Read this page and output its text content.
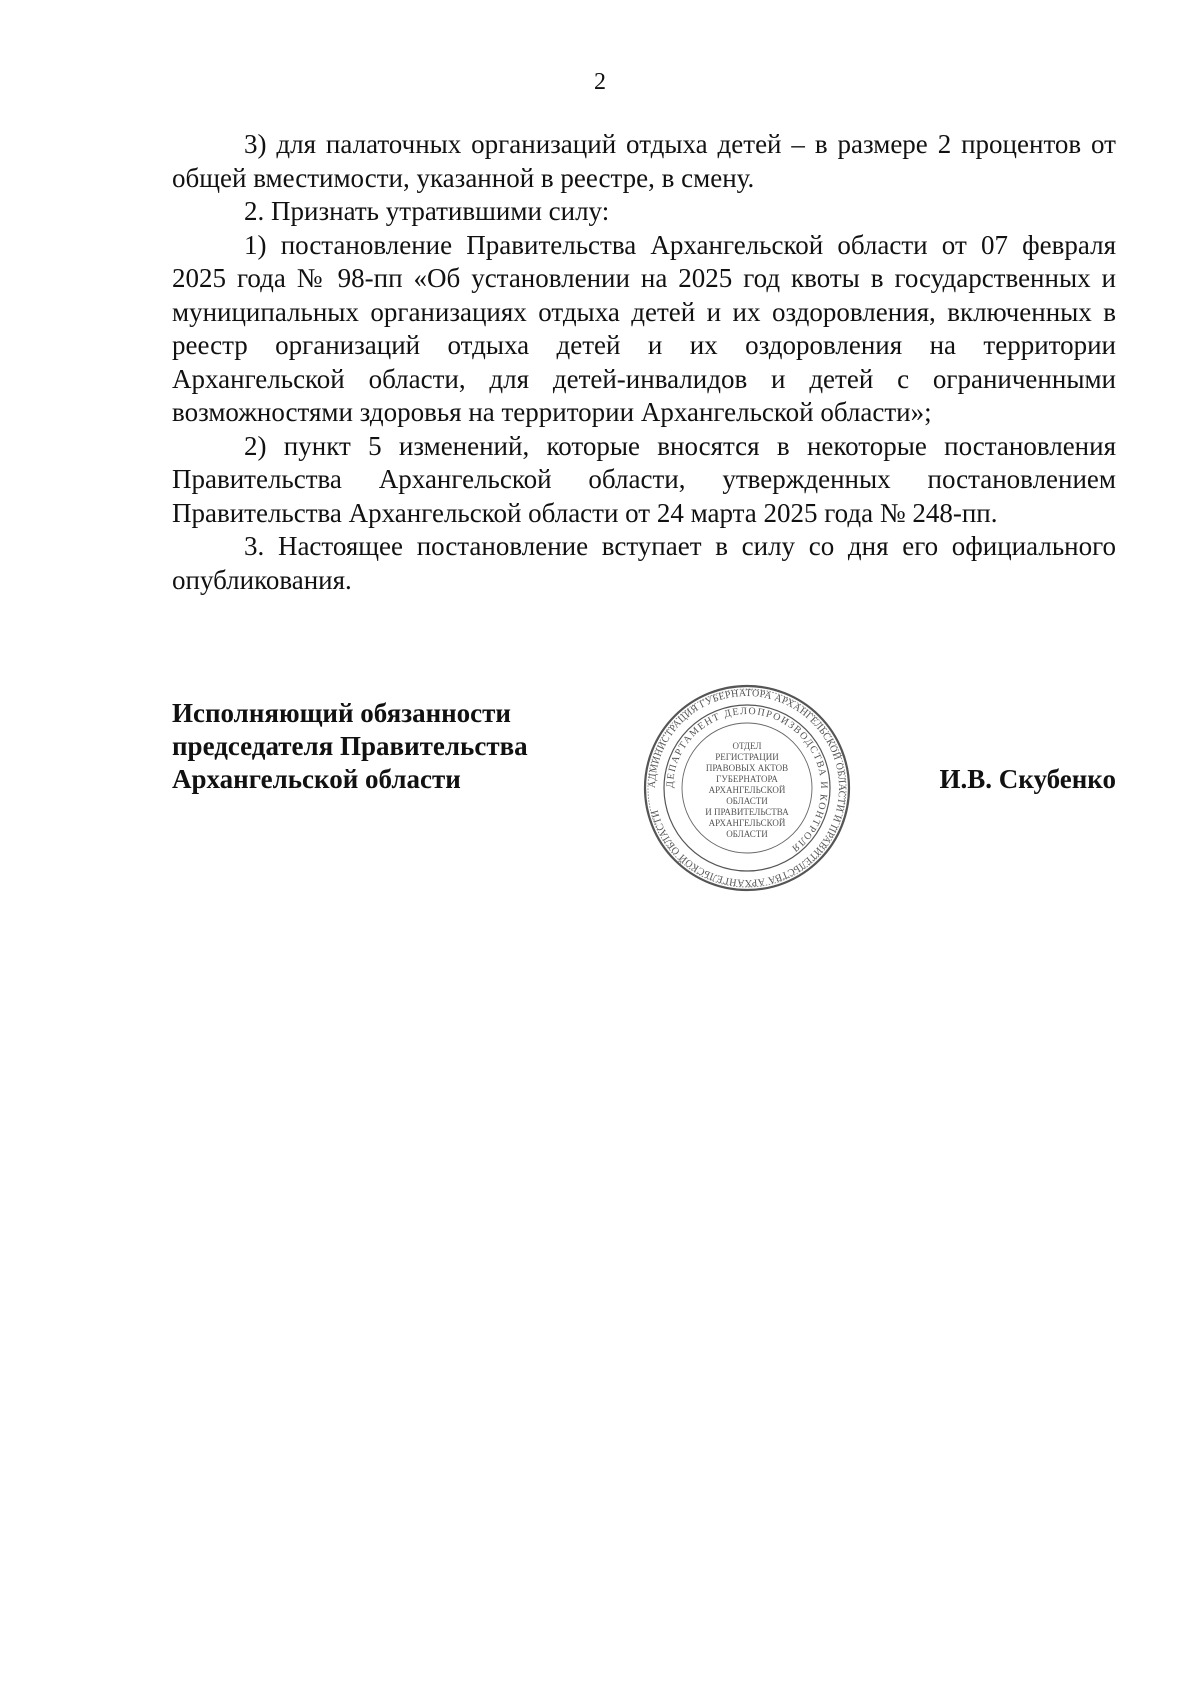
2

3) для палаточных организаций отдыха детей – в размере 2 процентов от общей вместимости, указанной в реестре, в смену.

2. Признать утратившими силу:

1) постановление Правительства Архангельской области от 07 февраля 2025 года № 98-пп «Об установлении на 2025 год квоты в государственных и муниципальных организациях отдыха детей и их оздоровления, включенных в реестр организаций отдыха детей и их оздоровления на территории Архангельской области, для детей-инвалидов и детей с ограниченными возможностями здоровья на территории Архангельской области»;

2) пункт 5 изменений, которые вносятся в некоторые постановления Правительства Архангельской области, утвержденных постановлением Правительства Архангельской области от 24 марта 2025 года № 248-пп.

3. Настоящее постановление вступает в силу со дня его официального опубликования.

Исполняющий обязанности
председателя Правительства
Архангельской области	АДМИНИСТРАЦИЯ ГУБЕРНАТОРА АРХАНГЕЛЬСКОЙ ОБЛАСТИ И ПРАВИТЕЛЬСТВА АРХАНГЕЛЬСКОЙ ОБЛАСТИ
ДЕПАРТАМЕНТ ДЕЛОПРОИЗВОДСТВА И КОНТРОЛЯ
ОТДЕЛ
РЕГИСТРАЦИИ
ПРАВОВЫХ АКТОВ
ГУБЕРНАТОРА
АРХАНГЕЛЬСКОЙ
ОБЛАСТИ
И ПРАВИТЕЛЬСТВА
АРХАНГЕЛЬСКОЙ
ОБЛАСТИ
И.В. Скубенко
